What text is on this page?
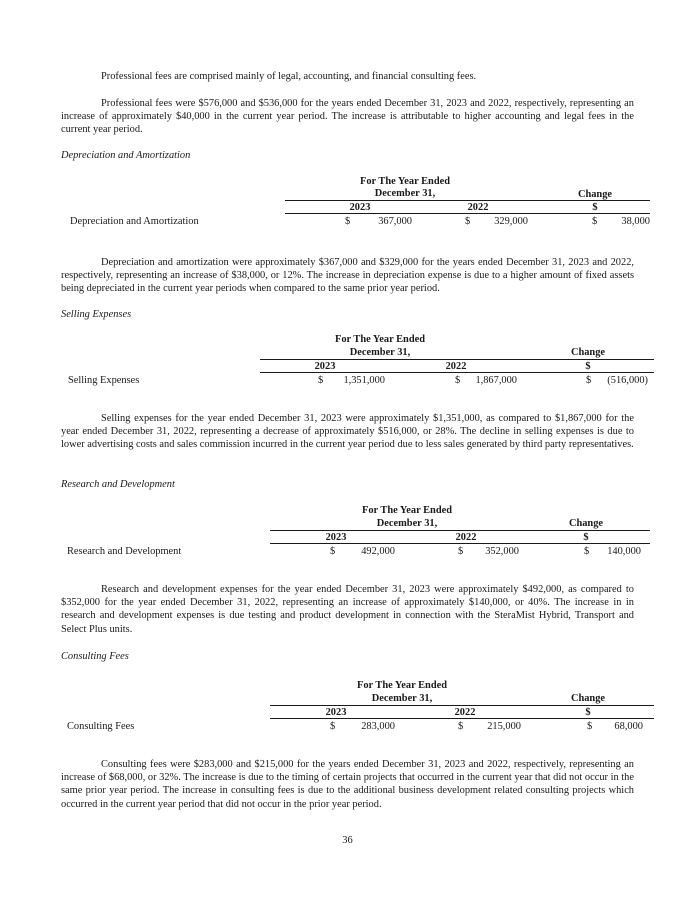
Professional fees are comprised mainly of legal, accounting, and financial consulting fees.

Professional fees were $576,000 and $536,000 for the years ended December 31, 2023 and 2022, respectively, representing an increase of approximately $40,000 in the current year period. The increase is attributable to higher accounting and legal fees in the current year period.

Depreciation and Amortization

For The Year Ended
December 31,	Change
2023	2022	$
Depreciation and Amortization	$	367,000	$	329,000	$	38,000

Depreciation and amortization were approximately $367,000 and $329,000 for the years ended December 31, 2023 and 2022, respectively, representing an increase of $38,000, or 12%. The increase in depreciation expense is due to a higher amount of fixed assets being depreciated in the current year periods when compared to the same prior year period.

Selling Expenses

For The Year Ended
December 31,	Change
2023	2022	$
Selling Expenses	$	1,351,000	$	1,867,000	$	(516,000)

Selling expenses for the year ended December 31, 2023 were approximately $1,351,000, as compared to $1,867,000 for the year ended December 31, 2022, representing a decrease of approximately $516,000, or 28%. The decline in selling expenses is due to lower advertising costs and sales commission incurred in the current year period due to less sales generated by third party representatives.

Research and Development

For The Year Ended
December 31,	Change
2023	2022	$
Research and Development	$	492,000	$	352,000	$	140,000

Research and development expenses for the year ended December 31, 2023 were approximately $492,000, as compared to $352,000 for the year ended December 31, 2022, representing an increase of approximately $140,000, or 40%. The increase in in research and development expenses is due testing and product development in connection with the SteraMist Hybrid, Transport and Select Plus units.

Consulting Fees

For The Year Ended
December 31,	Change
2023	2022	$
Consulting Fees	$	283,000	$	215,000	$	68,000

Consulting fees were $283,000 and $215,000 for the years ended December 31, 2023 and 2022, respectively, representing an increase of $68,000, or 32%. The increase is due to the timing of certain projects that occurred in the current year that did not occur in the same prior year period. The increase in consulting fees is due to the additional business development related consulting projects which occurred in the current year period that did not occur in the prior year period.

36
